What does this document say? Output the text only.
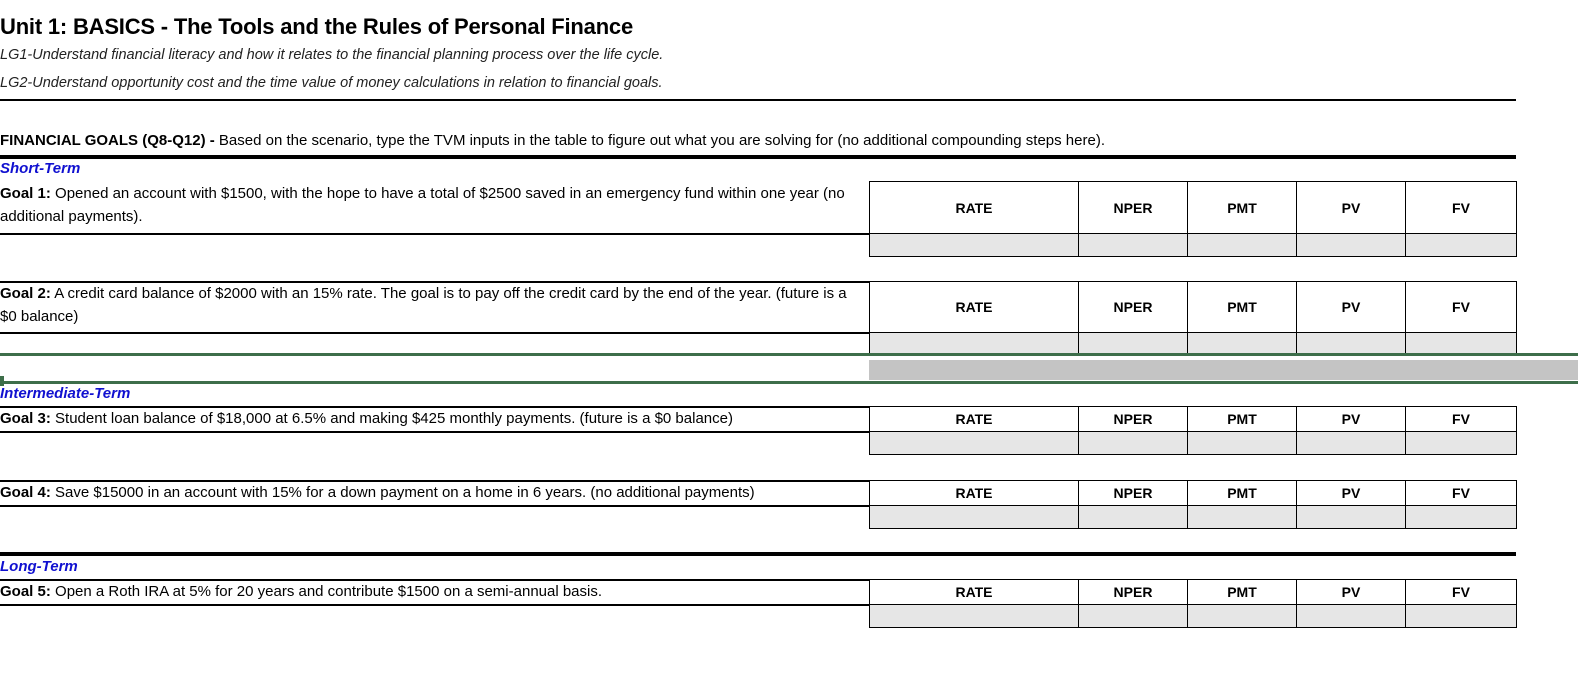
Unit 1: BASICS - The Tools and the Rules of Personal Finance
LG1-Understand financial literacy and how it relates to the financial planning process over the life cycle.
LG2-Understand opportunity cost and the time value of money calculations in relation to financial goals.
FINANCIAL GOALS (Q8-Q12) - Based on the scenario, type the TVM inputs in the table to figure out what you are solving for (no additional compounding steps here).
Short-Term
Goal 1: Opened an account with $1500, with the hope to have a total of $2500 saved in an emergency fund within one year (no additional payments).
RATE	NPER	PMT	PV	FV

Goal 2: A credit card balance of $2000 with an 15% rate. The goal is to pay off the credit card by the end of the year. (future is a $0 balance)
RATE	NPER	PMT	PV	FV

Intermediate-Term
Goal 3: Student loan balance of $18,000 at 6.5% and making $425 monthly payments. (future is a $0 balance)	RATE	NPER	PMT	PV	FV

Goal 4: Save $15000 in an account with 15% for a down payment on a home in 6 years. (no additional payments)	RATE	NPER	PMT	PV	FV

Long-Term
Goal 5: Open a Roth IRA at 5% for 20 years and contribute $1500 on a semi-annual basis.	RATE	NPER	PMT	PV	FV
